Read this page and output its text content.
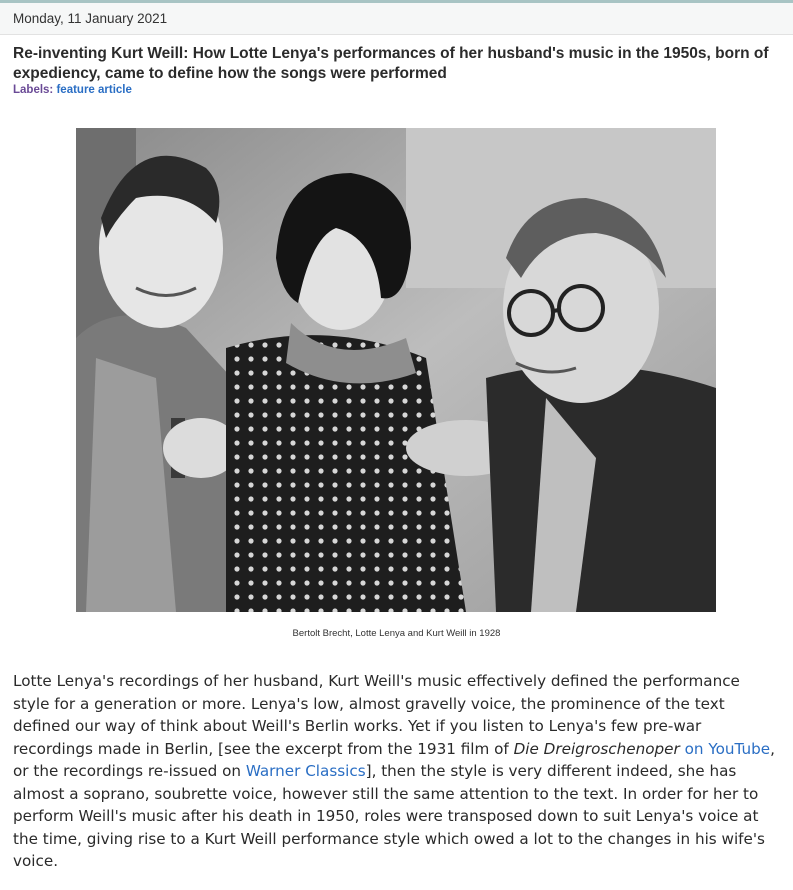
Monday, 11 January 2021
Re-inventing Kurt Weill: How Lotte Lenya's performances of her husband's music in the 1950s, born of expediency, came to define how the songs were performed
Labels: feature article
Bertolt Brecht, Lotte Lenya and Kurt Weill in 1928

Lotte Lenya's recordings of her husband, Kurt Weill's music effectively defined the performance style for a generation or more. Lenya's low, almost gravelly voice, the prominence of the text defined our way of think about Weill's Berlin works. Yet if you listen to Lenya's few pre-war recordings made in Berlin, [see the excerpt from the 1931 film of Die Dreigroschenoper on YouTube, or the recordings re-issued on Warner Classics], then the style is very different indeed, she has almost a soprano, soubrette voice, however still the same attention to the text. In order for her to perform Weill's music after his death in 1950, roles were transposed down to suit Lenya's voice at the time, giving rise to a Kurt Weill performance style which owed a lot to the changes in his wife's voice.
